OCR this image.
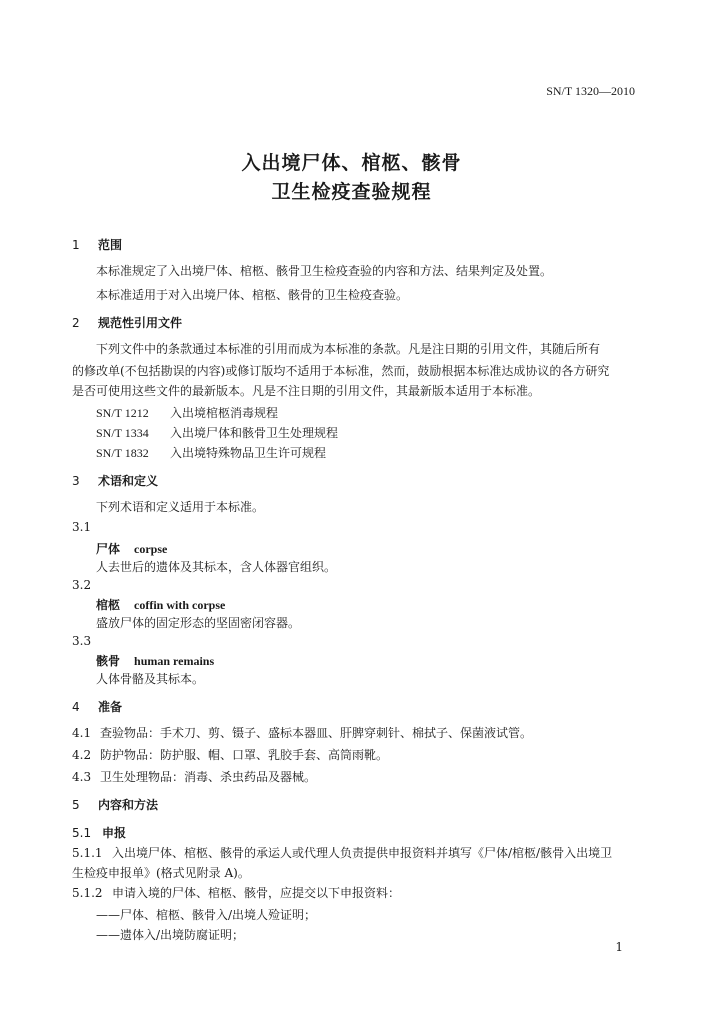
SN/T 1320—2010
入出境尸体、棺柩、骸骨
卫生检疫查验规程
1 范围
本标准规定了入出境尸体、棺柩、骸骨卫生检疫查验的内容和方法、结果判定及处置。
本标准适用于对入出境尸体、棺柩、骸骨的卫生检疫查验。
2 规范性引用文件
下列文件中的条款通过本标准的引用而成为本标准的条款。凡是注日期的引用文件，其随后所有
的修改单(不包括勘误的内容)或修订版均不适用于本标准，然而，鼓励根据本标准达成协议的各方研究
是否可使用这些文件的最新版本。凡是不注日期的引用文件，其最新版本适用于本标准。
SN/T 1212 入出境棺柩消毒规程
SN/T 1334 入出境尸体和骸骨卫生处理规程
SN/T 1832 入出境特殊物品卫生许可规程
3 术语和定义
下列术语和定义适用于本标准。
3.1
尸体 corpse
人去世后的遗体及其标本，含人体器官组织。
3.2
棺柩 coffin with corpse
盛放尸体的固定形态的坚固密闭容器。
3.3
骸骨 human remains
人体骨骼及其标本。
4 准备
4.1 查验物品：手术刀、剪、镊子、盛标本器皿、肝脾穿刺针、棉拭子、保菌液试管。
4.2 防护物品：防护服、帽、口罩、乳胶手套、高筒雨靴。
4.3 卫生处理物品：消毒、杀虫药品及器械。
5 内容和方法
5.1 申报
5.1.1 入出境尸体、棺柩、骸骨的承运人或代理人负责提供申报资料并填写《尸体/棺柩/骸骨入出境卫
生检疫申报单》(格式见附录 A)。
5.1.2 申请入境的尸体、棺柩、骸骨，应提交以下申报资料：
——尸体、棺柩、骸骨入/出境人殓证明；
——遗体入/出境防腐证明；
1
